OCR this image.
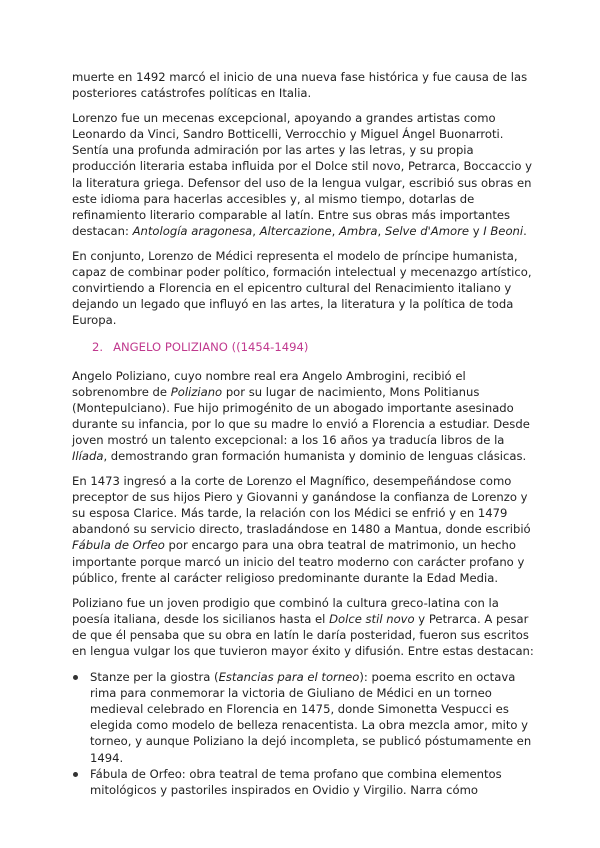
muerte en 1492 marcó el inicio de una nueva fase histórica y fue causa de las posteriores catástrofes políticas en Italia.

Lorenzo fue un mecenas excepcional, apoyando a grandes artistas como Leonardo da Vinci, Sandro Botticelli, Verrocchio y Miguel Ángel Buonarroti. Sentía una profunda admiración por las artes y las letras, y su propia producción literaria estaba influida por el Dolce stil novo, Petrarca, Boccaccio y la literatura griega. Defensor del uso de la lengua vulgar, escribió sus obras en este idioma para hacerlas accesibles y, al mismo tiempo, dotarlas de refinamiento literario comparable al latín. Entre sus obras más importantes destacan: Antología aragonesa, Altercazione, Ambra, Selve d'Amore y I Beoni.

En conjunto, Lorenzo de Médici representa el modelo de príncipe humanista, capaz de combinar poder político, formación intelectual y mecenazgo artístico, convirtiendo a Florencia en el epicentro cultural del Renacimiento italiano y dejando un legado que influyó en las artes, la literatura y la política de toda Europa.

2. ANGELO POLIZIANO ((1454-1494)

Angelo Poliziano, cuyo nombre real era Angelo Ambrogini, recibió el sobrenombre de Poliziano por su lugar de nacimiento, Mons Politianus (Montepulciano). Fue hijo primogénito de un abogado importante asesinado durante su infancia, por lo que su madre lo envió a Florencia a estudiar. Desde joven mostró un talento excepcional: a los 16 años ya traducía libros de la Ilíada, demostrando gran formación humanista y dominio de lenguas clásicas.

En 1473 ingresó a la corte de Lorenzo el Magnífico, desempeñándose como preceptor de sus hijos Piero y Giovanni y ganándose la confianza de Lorenzo y su esposa Clarice. Más tarde, la relación con los Médici se enfrió y en 1479 abandonó su servicio directo, trasladándose en 1480 a Mantua, donde escribió Fábula de Orfeo por encargo para una obra teatral de matrimonio, un hecho importante porque marcó un inicio del teatro moderno con carácter profano y público, frente al carácter religioso predominante durante la Edad Media.

Poliziano fue un joven prodigio que combinó la cultura greco-latina con la poesía italiana, desde los sicilianos hasta el Dolce stil novo y Petrarca. A pesar de que él pensaba que su obra en latín le daría posteridad, fueron sus escritos en lengua vulgar los que tuvieron mayor éxito y difusión. Entre estas destacan:

Stanze per la giostra (Estancias para el torneo): poema escrito en octava rima para conmemorar la victoria de Giuliano de Médici en un torneo medieval celebrado en Florencia en 1475, donde Simonetta Vespucci es elegida como modelo de belleza renacentista. La obra mezcla amor, mito y torneo, y aunque Poliziano la dejó incompleta, se publicó póstumamente en 1494.
Fábula de Orfeo: obra teatral de tema profano que combina elementos mitológicos y pastoriles inspirados en Ovidio y Virgilio. Narra cómo
